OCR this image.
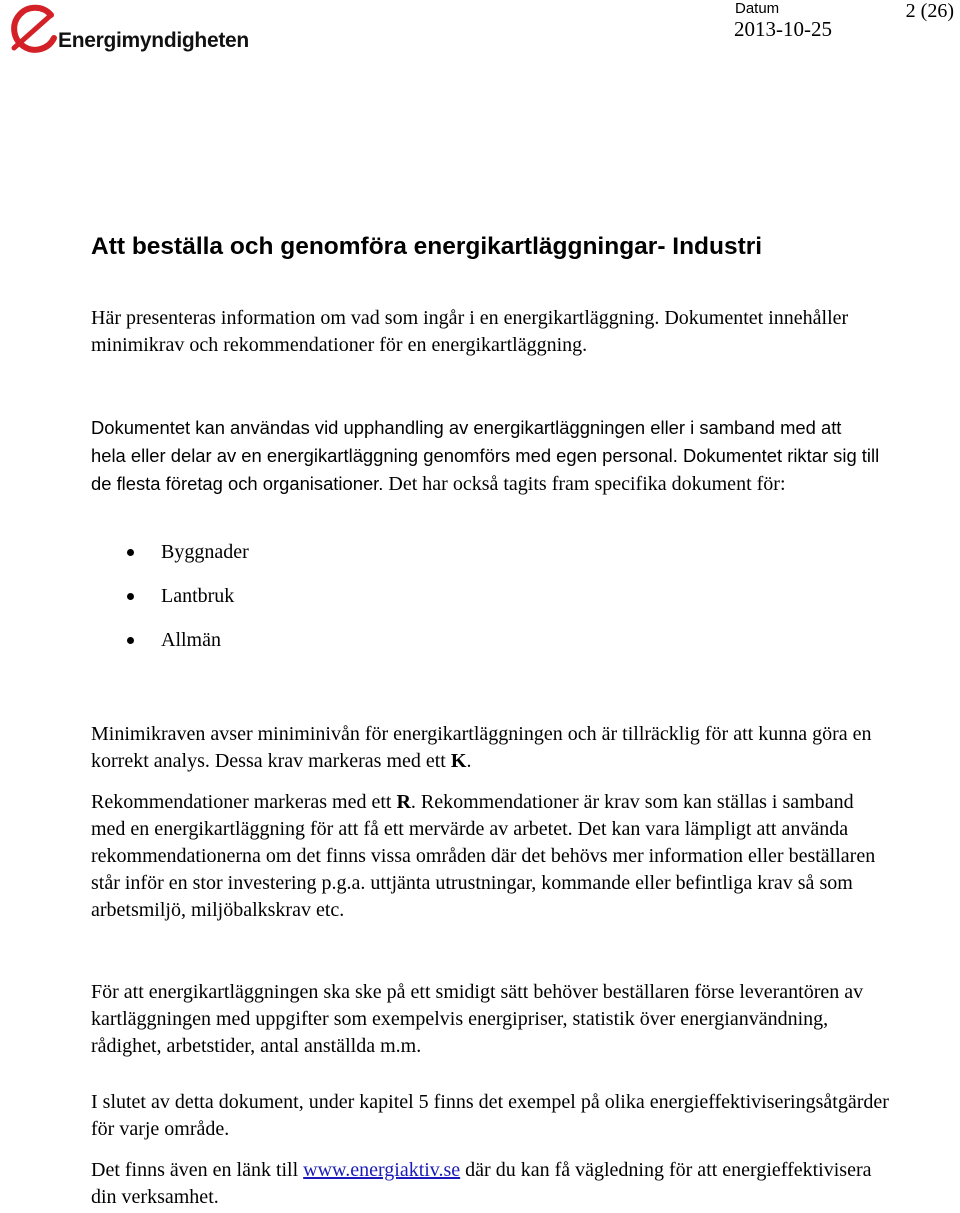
Energimyndigheten
Datum
2013-10-25
2 (26)
Att beställa och genomföra energikartläggningar- Industri

Här presenteras information om vad som ingår i en energikartläggning. Dokumentet innehåller minimikrav och rekommendationer för en energikartläggning.

Dokumentet kan användas vid upphandling av energikartläggningen eller i samband med att hela eller delar av en energikartläggning genomförs med egen personal. Dokumentet riktar sig till de flesta företag och organisationer. Det har också tagits fram specifika dokument för:

Byggnader
Lantbruk
Allmän

Minimikraven avser miniminivån för energikartläggningen och är tillräcklig för att kunna göra en korrekt analys. Dessa krav markeras med ett K.

Rekommendationer markeras med ett R. Rekommendationer är krav som kan ställas i samband med en energikartläggning för att få ett mervärde av arbetet. Det kan vara lämpligt att använda rekommendationerna om det finns vissa områden där det behövs mer information eller beställaren står inför en stor investering p.g.a. uttjänta utrustningar, kommande eller befintliga krav så som arbetsmiljö, miljöbalkskrav etc.

För att energikartläggningen ska ske på ett smidigt sätt behöver beställaren förse leverantören av kartläggningen med uppgifter som exempelvis energipriser, statistik över energianvändning, rådighet, arbetstider, antal anställda m.m.

I slutet av detta dokument, under kapitel 5 finns det exempel på olika energieffektiviseringsåtgärder för varje område.

Det finns även en länk till www.energiaktiv.se där du kan få vägledning för att energieffektivisera din verksamhet.
